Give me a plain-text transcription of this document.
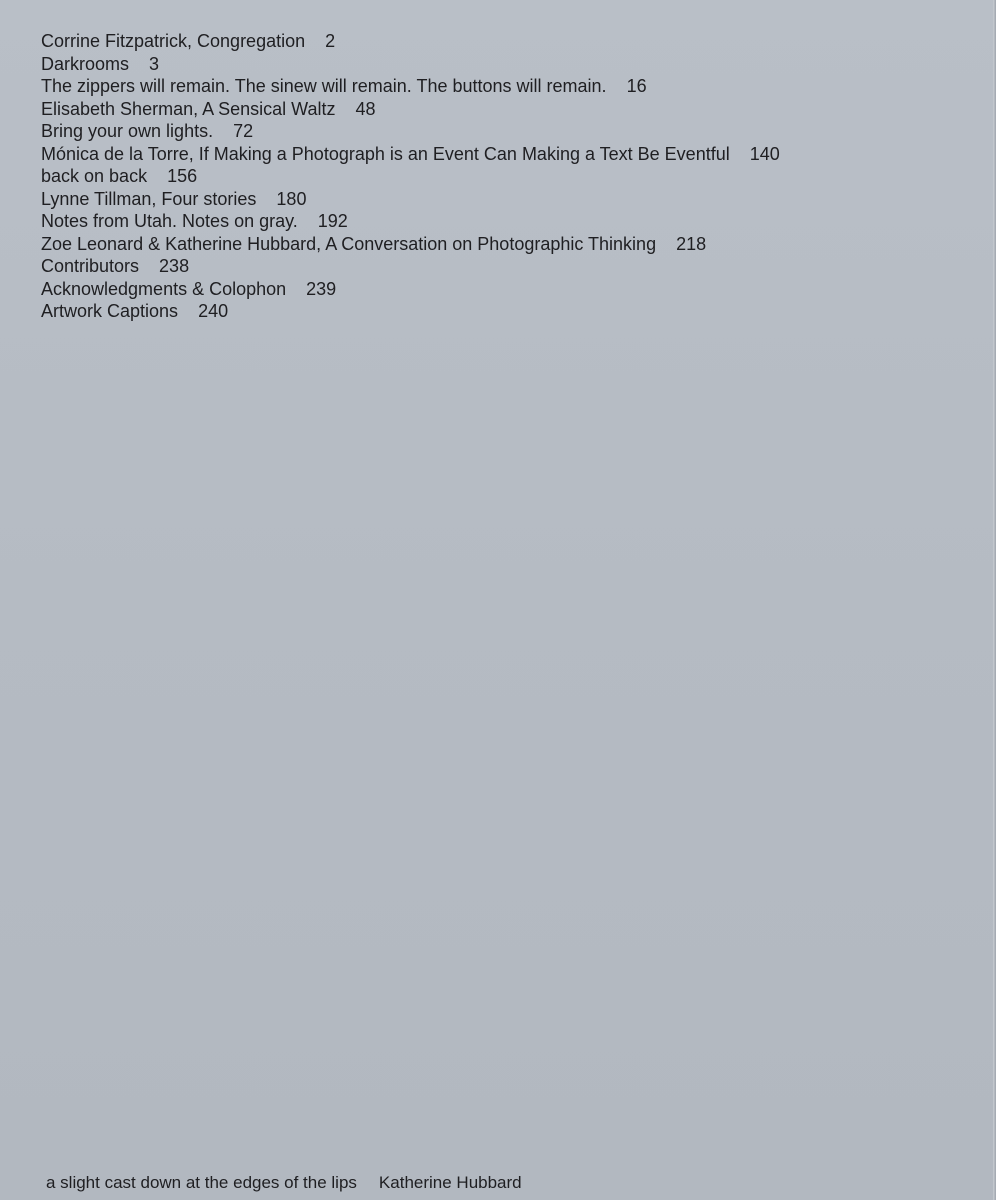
Corrine Fitzpatrick, Congregation 2
Darkrooms 3
The zippers will remain. The sinew will remain. The buttons will remain. 16
Elisabeth Sherman, A Sensical Waltz 48
Bring your own lights. 72
Mónica de la Torre, If Making a Photograph is an Event Can Making a Text Be Eventful 140
back on back 156
Lynne Tillman, Four stories 180
Notes from Utah. Notes on gray. 192
Zoe Leonard & Katherine Hubbard, A Conversation on Photographic Thinking 218
Contributors 238
Acknowledgments & Colophon 239
Artwork Captions 240
a slight cast down at the edges of the lips Katherine Hubbard
